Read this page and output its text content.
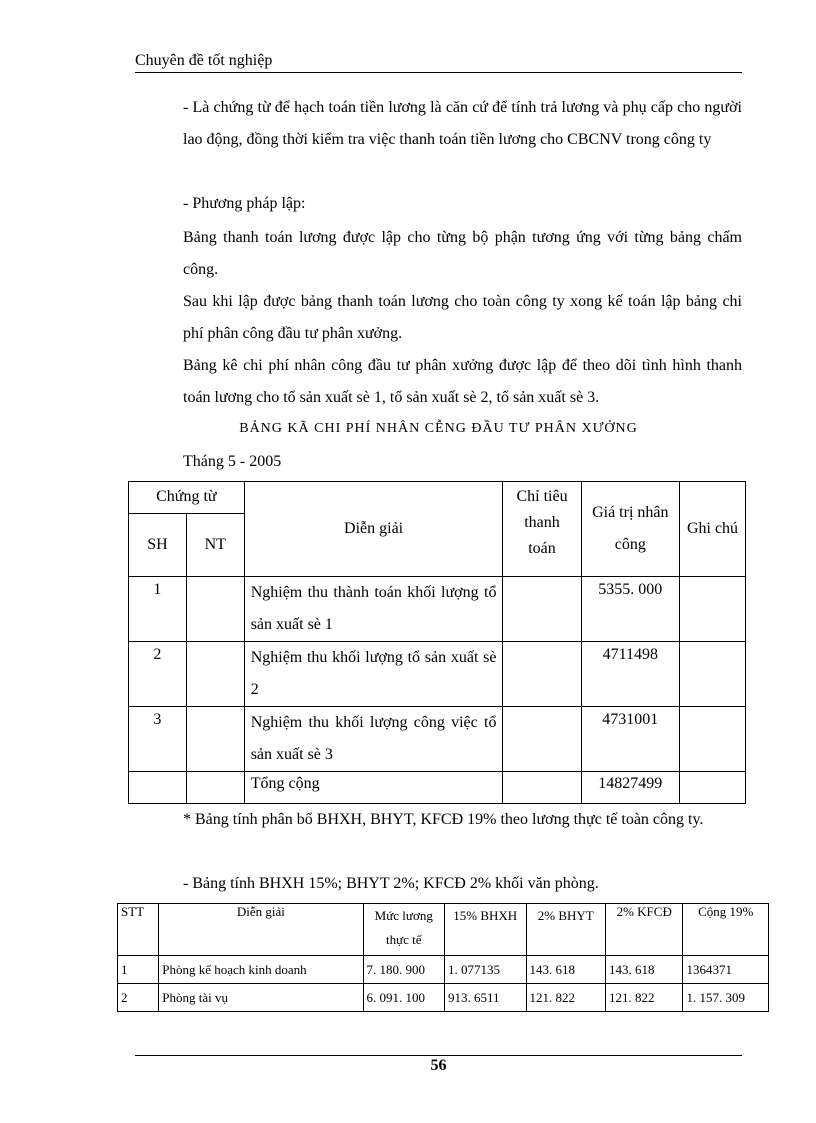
Chuyên đề tốt nghiệp
- Là chứng từ để hạch toán tiền lương là căn cứ để tính trả lương và phụ cấp cho người lao động, đồng thời kiểm tra việc thanh toán tiền lương cho CBCNV trong công ty
- Phương pháp lập:
Bảng thanh toán lương được lập cho từng bộ phận tương ứng với từng bảng chấm công.
Sau khi lập được bảng thanh toán lương cho toàn công ty xong kế toán lập bảng chi phí phân công đầu tư phân xưởng.
Bảng kê chi phí nhân công đầu tư phân xưởng được lập để theo dõi tình hình thanh toán lương cho tổ sản xuất sè 1, tổ sản xuất sè 2, tổ sản xuất sè 3.
BẢNG KÃ CHI PHÍ NHÂN CỄNG ĐẦU TƯ PHÂN XƯỞNG
Tháng 5 - 2005
Chứng từ		Diễn giải	Chỉ tiêu thanh toán	Giá trị nhân công	Ghi chú
SH	NT				
1		Nghiệm thu thành toán khối lượng tổ sản xuất sè 1		5355. 000	
2		Nghiệm thu khối lượng tổ sản xuất sè 2		4711498	
3		Nghiệm thu khối lượng công việc tổ sản xuất sè 3		4731001	
		Tổng cộng		14827499	
* Bảng tính phân bổ BHXH, BHYT, KFCĐ 19% theo lương thực tế toàn công ty.
- Bảng tính BHXH 15%; BHYT 2%; KFCĐ 2% khối văn phòng.
STT	Diễn giải	Mức lương thực tế	15% BHXH	2% BHYT	2% KFCĐ	Cộng 19%
1	Phòng kế hoạch kinh doanh	7. 180. 900	1. 077135	143. 618	143. 618	1364371
2	Phòng tài vụ	6. 091. 100	913. 6511	121. 822	121. 822	1. 157. 309
56
